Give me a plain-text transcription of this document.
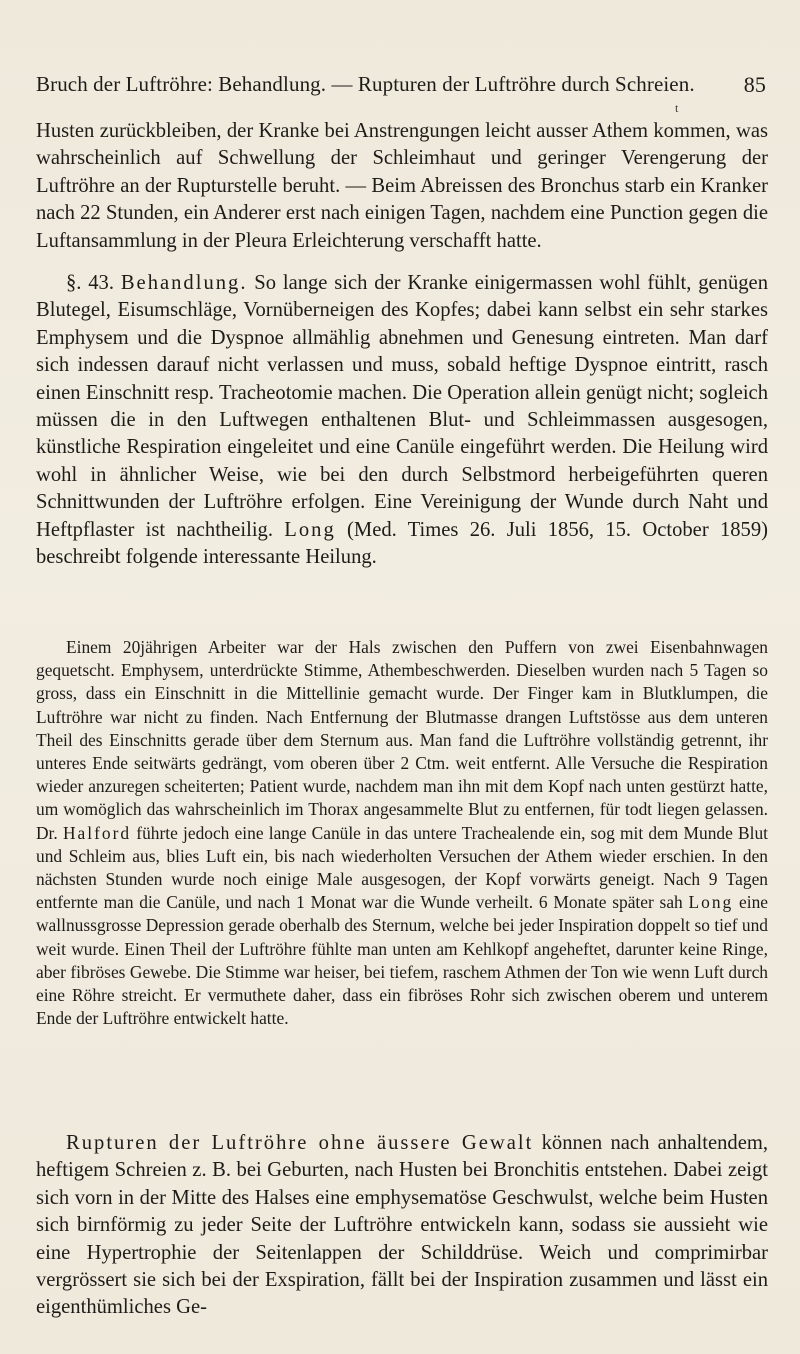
Bruch der Luftröhre: Behandlung. — Rupturen der Luftröhre durch Schreien. 85
t

Husten zurückbleiben, der Kranke bei Anstrengungen leicht ausser Athem kommen, was wahrscheinlich auf Schwellung der Schleimhaut und geringer Verengerung der Luftröhre an der Rupturstelle beruht. — Beim Abreissen des Bronchus starb ein Kranker nach 22 Stunden, ein Anderer erst nach einigen Tagen, nachdem eine Punction gegen die Luftansammlung in der Pleura Erleichterung verschafft hatte.

§. 43. Behandlung. So lange sich der Kranke einigermassen wohl fühlt, genügen Blutegel, Eisumschläge, Vornüberneigen des Kopfes; dabei kann selbst ein sehr starkes Emphysem und die Dyspnoe allmählig abnehmen und Genesung eintreten. Man darf sich indessen darauf nicht verlassen und muss, sobald heftige Dyspnoe eintritt, rasch einen Einschnitt resp. Tracheotomie machen. Die Operation allein genügt nicht; sogleich müssen die in den Luftwegen enthaltenen Blut- und Schleimmassen ausgesogen, künstliche Respiration eingeleitet und eine Canüle eingeführt werden. Die Heilung wird wohl in ähnlicher Weise, wie bei den durch Selbstmord herbeigeführten queren Schnittwunden der Luftröhre erfolgen. Eine Vereinigung der Wunde durch Naht und Heftpflaster ist nachtheilig. Long (Med. Times 26. Juli 1856, 15. October 1859) beschreibt folgende interessante Heilung.

Einem 20jährigen Arbeiter war der Hals zwischen den Puffern von zwei Eisenbahnwagen gequetscht. Emphysem, unterdrückte Stimme, Athembeschwerden. Dieselben wurden nach 5 Tagen so gross, dass ein Einschnitt in die Mittellinie gemacht wurde. Der Finger kam in Blutklumpen, die Luftröhre war nicht zu finden. Nach Entfernung der Blutmasse drangen Luftstösse aus dem unteren Theil des Einschnitts gerade über dem Sternum aus. Man fand die Luftröhre vollständig getrennt, ihr unteres Ende seitwärts gedrängt, vom oberen über 2 Ctm. weit entfernt. Alle Versuche die Respiration wieder anzuregen scheiterten; Patient wurde, nachdem man ihn mit dem Kopf nach unten gestürzt hatte, um womöglich das wahrscheinlich im Thorax angesammelte Blut zu entfernen, für todt liegen gelassen. Dr. Halford führte jedoch eine lange Canüle in das untere Trachealende ein, sog mit dem Munde Blut und Schleim aus, blies Luft ein, bis nach wiederholten Versuchen der Athem wieder erschien. In den nächsten Stunden wurde noch einige Male ausgesogen, der Kopf vorwärts geneigt. Nach 9 Tagen entfernte man die Canüle, und nach 1 Monat war die Wunde verheilt. 6 Monate später sah Long eine wallnussgrosse Depression gerade oberhalb des Sternum, welche bei jeder Inspiration doppelt so tief und weit wurde. Einen Theil der Luftröhre fühlte man unten am Kehlkopf angeheftet, darunter keine Ringe, aber fibröses Gewebe. Die Stimme war heiser, bei tiefem, raschem Athmen der Ton wie wenn Luft durch eine Röhre streicht. Er vermuthete daher, dass ein fibröses Rohr sich zwischen oberem und unterem Ende der Luftröhre entwickelt hatte.

Rupturen der Luftröhre ohne äussere Gewalt können nach anhaltendem, heftigem Schreien z. B. bei Geburten, nach Husten bei Bronchitis entstehen. Dabei zeigt sich vorn in der Mitte des Halses eine emphysematöse Geschwulst, welche beim Husten sich birnförmig zu jeder Seite der Luftröhre entwickeln kann, sodass sie aussieht wie eine Hypertrophie der Seitenlappen der Schilddrüse. Weich und comprimirbar vergrössert sie sich bei der Exspiration, fällt bei der Inspiration zusammen und lässt ein eigenthümliches Ge-
